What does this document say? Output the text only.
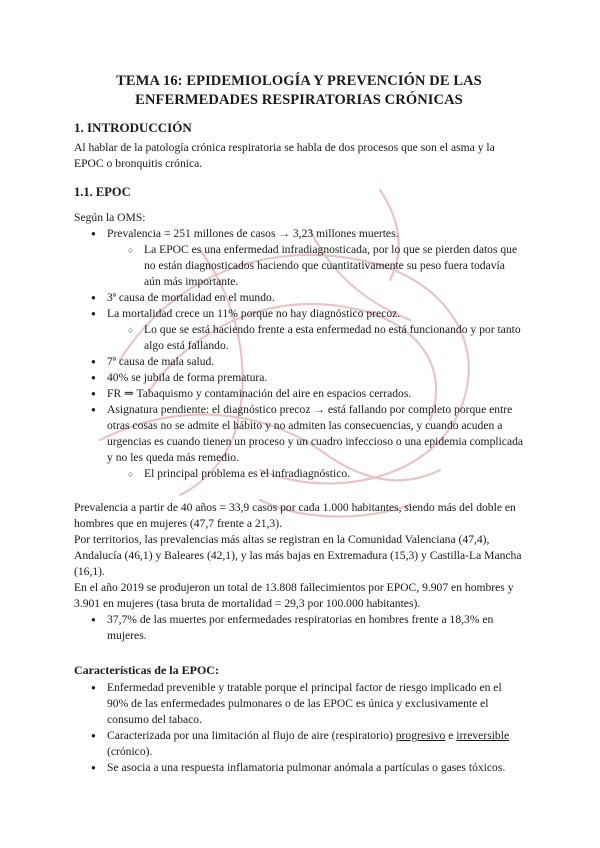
TEMA 16: EPIDEMIOLOGÍA Y PREVENCIÓN DE LAS
ENFERMEDADES RESPIRATORIAS CRÓNICAS
1. INTRODUCCIÓN

Al hablar de la patología crónica respiratoria se habla de dos procesos que son el asma y la EPOC o bronquitis crónica.

1.1. EPOC

Según la OMS:

● Prevalencia = 251 millones de casos → 3,23 millones muertes.
○ La EPOC es una enfermedad infradiagnosticada, por lo que se pierden datos que no están diagnosticados haciendo que cuantitativamente su peso fuera todavía aún más importante.
● 3ª causa de mortalidad en el mundo.
● La mortalidad crece un 11% porque no hay diagnóstico precoz.
○ Lo que se está haciendo frente a esta enfermedad no está funcionando y por tanto algo está fallando.
● 7ª causa de mala salud.
● 40% se jubila de forma prematura.
● FR ⇒ Tabaquismo y contaminación del aire en espacios cerrados.
● Asignatura pendiente: el diagnóstico precoz → está fallando por completo porque entre otras cosas no se admite el hábito y no admiten las consecuencias, y cuando acuden a urgencias es cuando tienen un proceso y un cuadro infeccioso o una epidemia complicada y no les queda más remedio.
○ El principal problema es el infradiagnóstico.

Prevalencia a partir de 40 años = 33,9 casos por cada 1.000 habitantes, siendo más del doble en hombres que en mujeres (47,7 frente a 21,3).

Por territorios, las prevalencias más altas se registran en la Comunidad Valenciana (47,4), Andalucía (46,1) y Baleares (42,1), y las más bajas en Extremadura (15,3) y Castilla-La Mancha (16,1).

En el año 2019 se produjeron un total de 13.808 fallecimientos por EPOC, 9.907 en hombres y 3.901 en mujeres (tasa bruta de mortalidad = 29,3 por 100.000 habitantes).

● 37,7% de las muertes por enfermedades respiratorias en hombres frente a 18,3% en mujeres.
Características de la EPOC:
● Enfermedad prevenible y tratable porque el principal factor de riesgo implicado en el 90% de las enfermedades pulmonares o de las EPOC es única y exclusivamente el consumo del tabaco.
● Caracterizada por una limitación al flujo de aire (respiratorio) progresivo e irreversible (crónico).
● Se asocia a una respuesta inflamatoria pulmonar anómala a partículas o gases tóxicos.
